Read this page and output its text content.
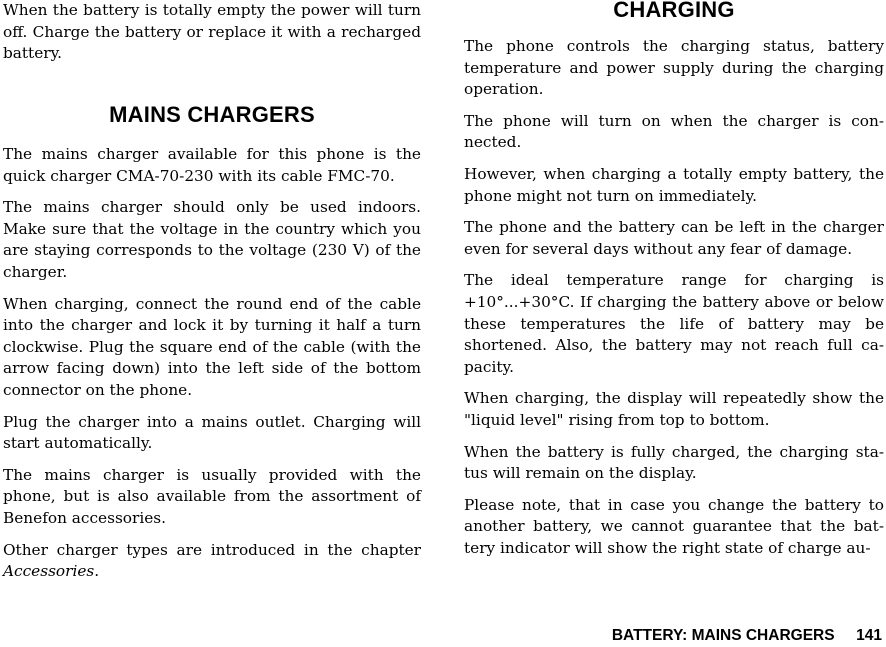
When the battery is totally empty the power will turn off. Charge the battery or replace it with a recharged battery.

MAINS CHARGERS

The mains charger available for this phone is the quick charger CMA-70-230 with its cable FMC-70.

The mains charger should only be used indoors. Make sure that the voltage in the country which you are staying corresponds to the voltage (230 V) of the charger.

When charging, connect the round end of the cable into the charger and lock it by turning it half a turn clockwise. Plug the square end of the cable (with the arrow facing down) into the left side of the bottom connector on the phone.

Plug the charger into a mains outlet. Charging will start automatically.

The mains charger is usually provided with the phone, but is also available from the assortment of Benefon accessories.

Other charger types are introduced in the chapter Accessories.

CHARGING

The phone controls the charging status, battery temperature and power supply during the charging operation.

The phone will turn on when the charger is connected.

However, when charging a totally empty battery, the phone might not turn on immediately.

The phone and the battery can be left in the charger even for several days without any fear of damage.

The ideal temperature range for charging is +10°...+30°C. If charging the battery above or below these temperatures the life of battery may be shortened. Also, the battery may not reach full capacity.

When charging, the display will repeatedly show the "liquid level" rising from top to bottom.

When the battery is fully charged, the charging status will remain on the display.

Please note, that in case you change the battery to another battery, we cannot guarantee that the battery indicator will show the right state of charge au-

BATTERY: MAINS CHARGERS 141
